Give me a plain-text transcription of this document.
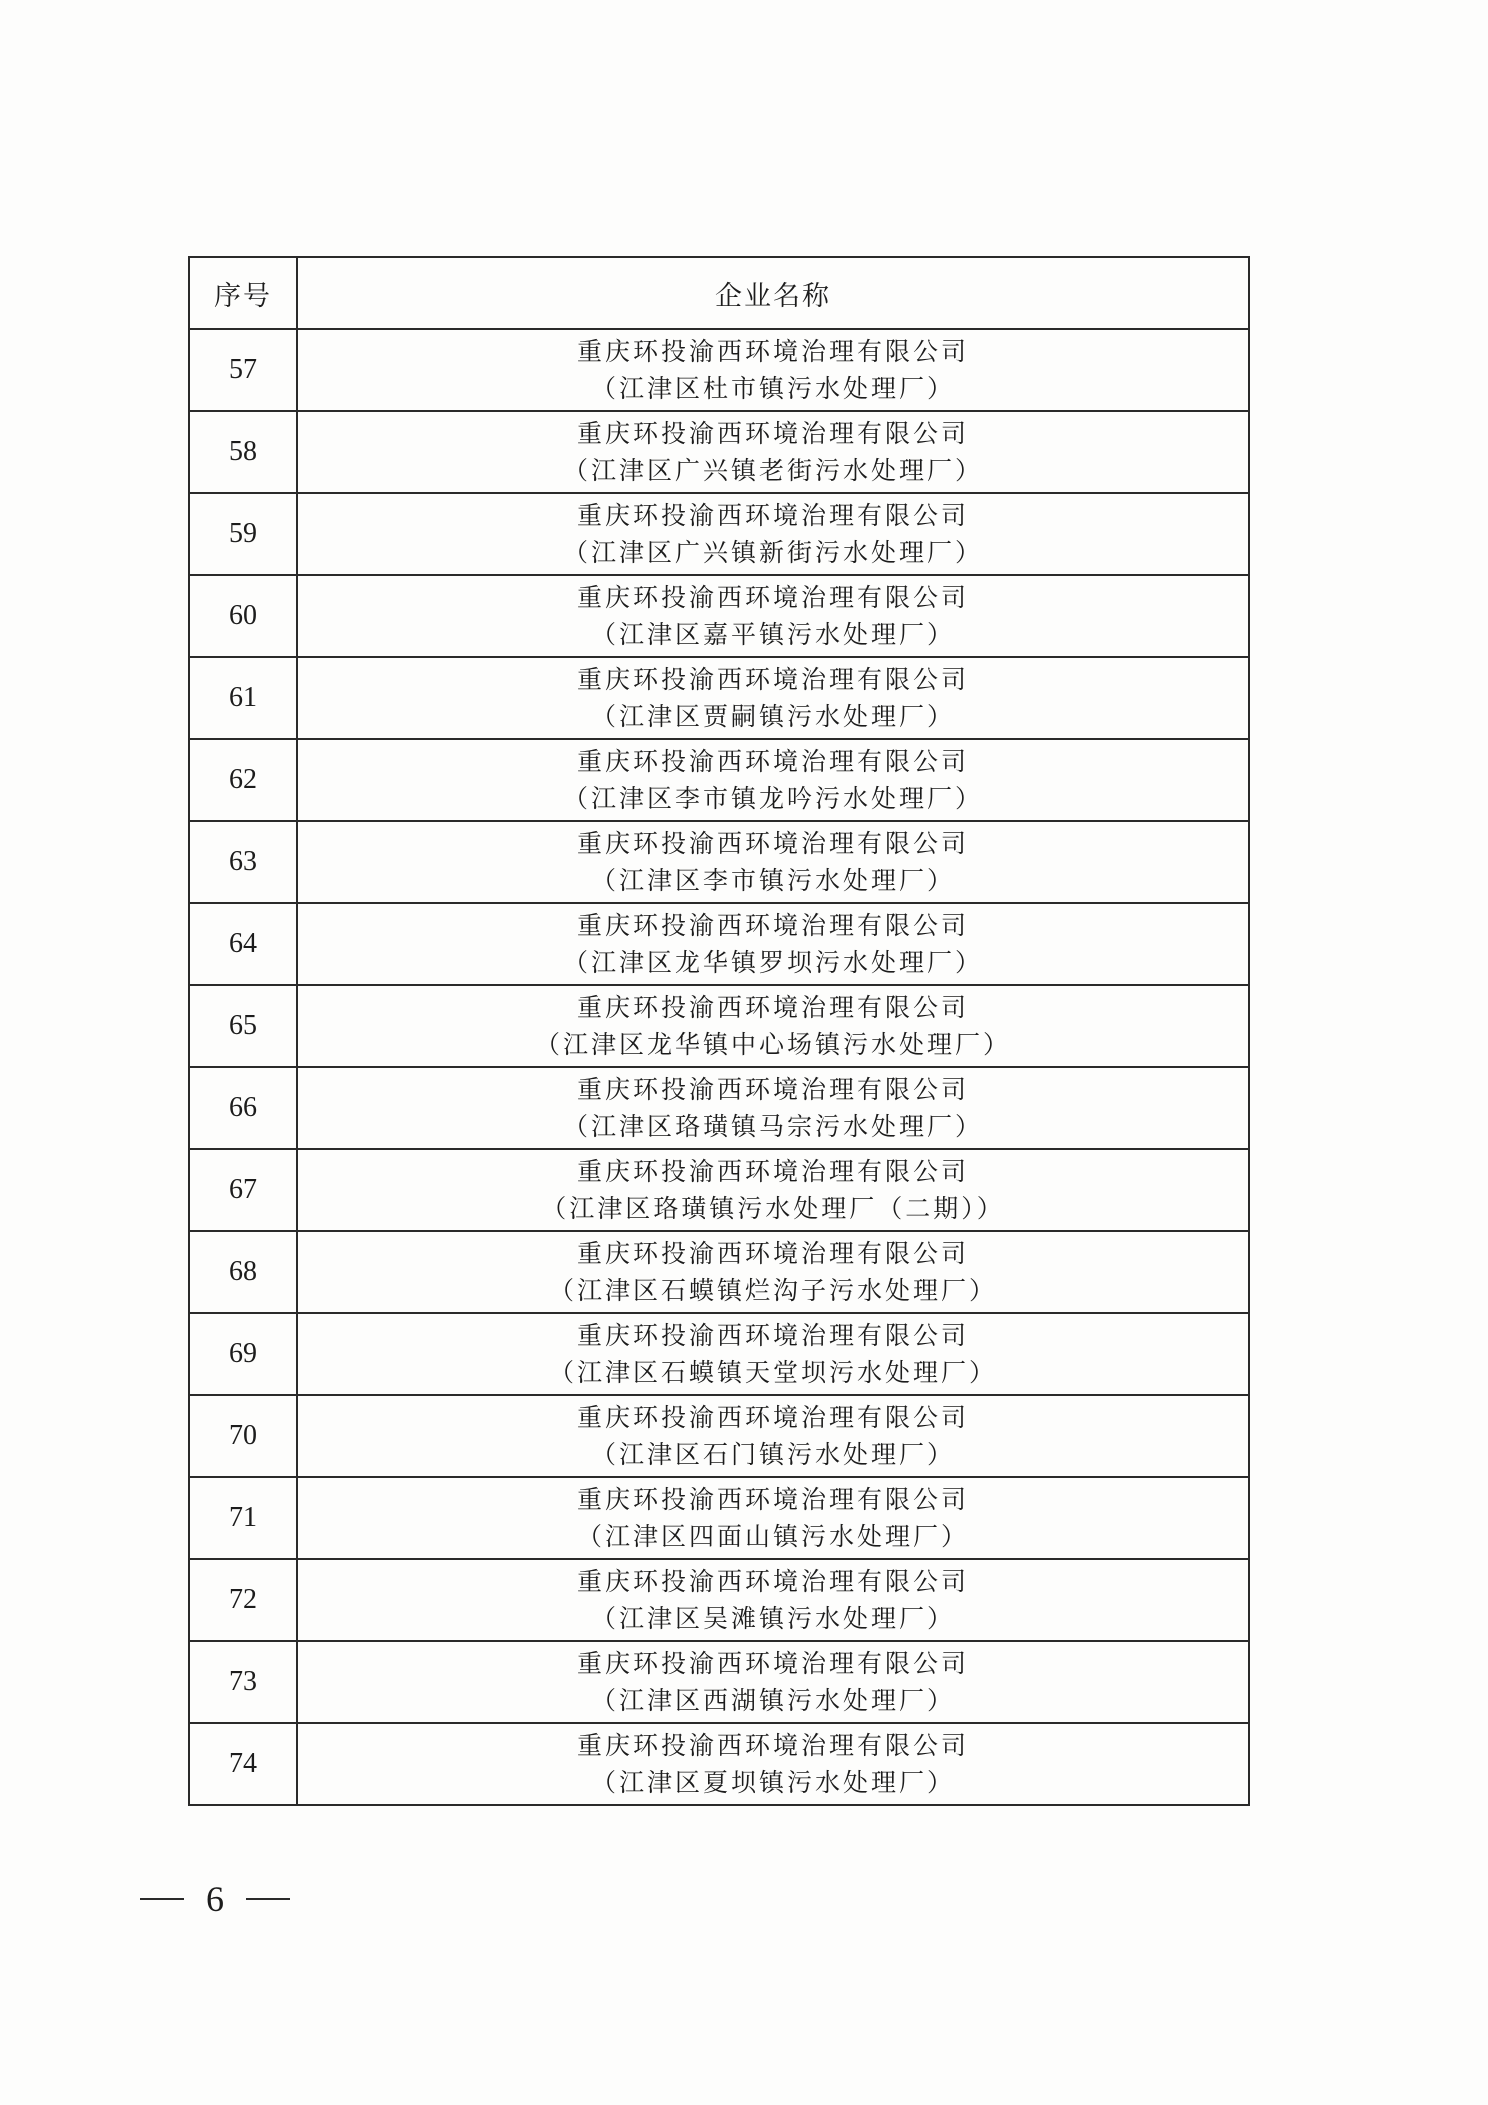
序号	企业名称
57	重庆环投渝西环境治理有限公司
（江津区杜市镇污水处理厂）

58	重庆环投渝西环境治理有限公司
（江津区广兴镇老街污水处理厂）

59	重庆环投渝西环境治理有限公司
（江津区广兴镇新街污水处理厂）

60	重庆环投渝西环境治理有限公司
（江津区嘉平镇污水处理厂）

61	重庆环投渝西环境治理有限公司
（江津区贾嗣镇污水处理厂）

62	重庆环投渝西环境治理有限公司
（江津区李市镇龙吟污水处理厂）

63	重庆环投渝西环境治理有限公司
（江津区李市镇污水处理厂）

64	重庆环投渝西环境治理有限公司
（江津区龙华镇罗坝污水处理厂）

65	重庆环投渝西环境治理有限公司
（江津区龙华镇中心场镇污水处理厂）

66	重庆环投渝西环境治理有限公司
（江津区珞璜镇马宗污水处理厂）

67	重庆环投渝西环境治理有限公司
（江津区珞璜镇污水处理厂（二期））

68	重庆环投渝西环境治理有限公司
（江津区石蟆镇烂沟子污水处理厂）

69	重庆环投渝西环境治理有限公司
（江津区石蟆镇天堂坝污水处理厂）

70	重庆环投渝西环境治理有限公司
（江津区石门镇污水处理厂）

71	重庆环投渝西环境治理有限公司
（江津区四面山镇污水处理厂）

72	重庆环投渝西环境治理有限公司
（江津区吴滩镇污水处理厂）

73	重庆环投渝西环境治理有限公司
（江津区西湖镇污水处理厂）

74	重庆环投渝西环境治理有限公司
（江津区夏坝镇污水处理厂）
6
